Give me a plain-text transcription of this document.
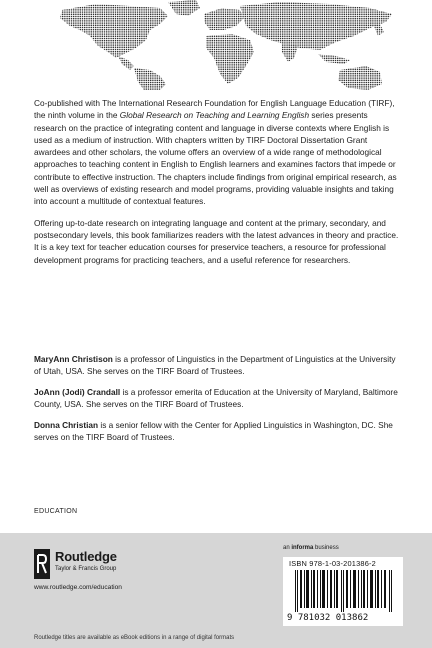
Co-published with The International Research Foundation for English Language Education (TIRF), the ninth volume in the Global Research on Teaching and Learning English series presents research on the practice of integrating content and language in diverse contexts where English is used as a medium of instruction. With chapters written by TIRF Doctoral Dissertation Grant awardees and other scholars, the volume offers an overview of a wide range of methodological approaches to teaching content in English to English learners and examines factors that impede or contribute to effective instruction. The chapters include findings from original empirical research, as well as overviews of existing research and model programs, providing valuable insights and taking into account a multitude of contextual features.

Offering up-to-date research on integrating language and content at the primary, secondary, and postsecondary levels, this book familiarizes readers with the latest advances in theory and practice. It is a key text for teacher education courses for preservice teachers, a resource for professional development programs for practicing teachers, and a useful reference for researchers.

MaryAnn Christison is a professor of Linguistics in the Department of Linguistics at the University of Utah, USA. She serves on the TIRF Board of Trustees.

JoAnn (Jodi) Crandall is a professor emerita of Education at the University of Maryland, Baltimore County, USA. She serves on the TIRF Board of Trustees.

Donna Christian is a senior fellow with the Center for Applied Linguistics in Washington, DC. She serves on the TIRF Board of Trustees.

EDUCATION
Routledge
Taylor & Francis Group
www.routledge.com/education
Routledge titles are available as eBook editions in a range of digital formats
an informa business
ISBN 978-1-03-201386-2
9 781032 013862
